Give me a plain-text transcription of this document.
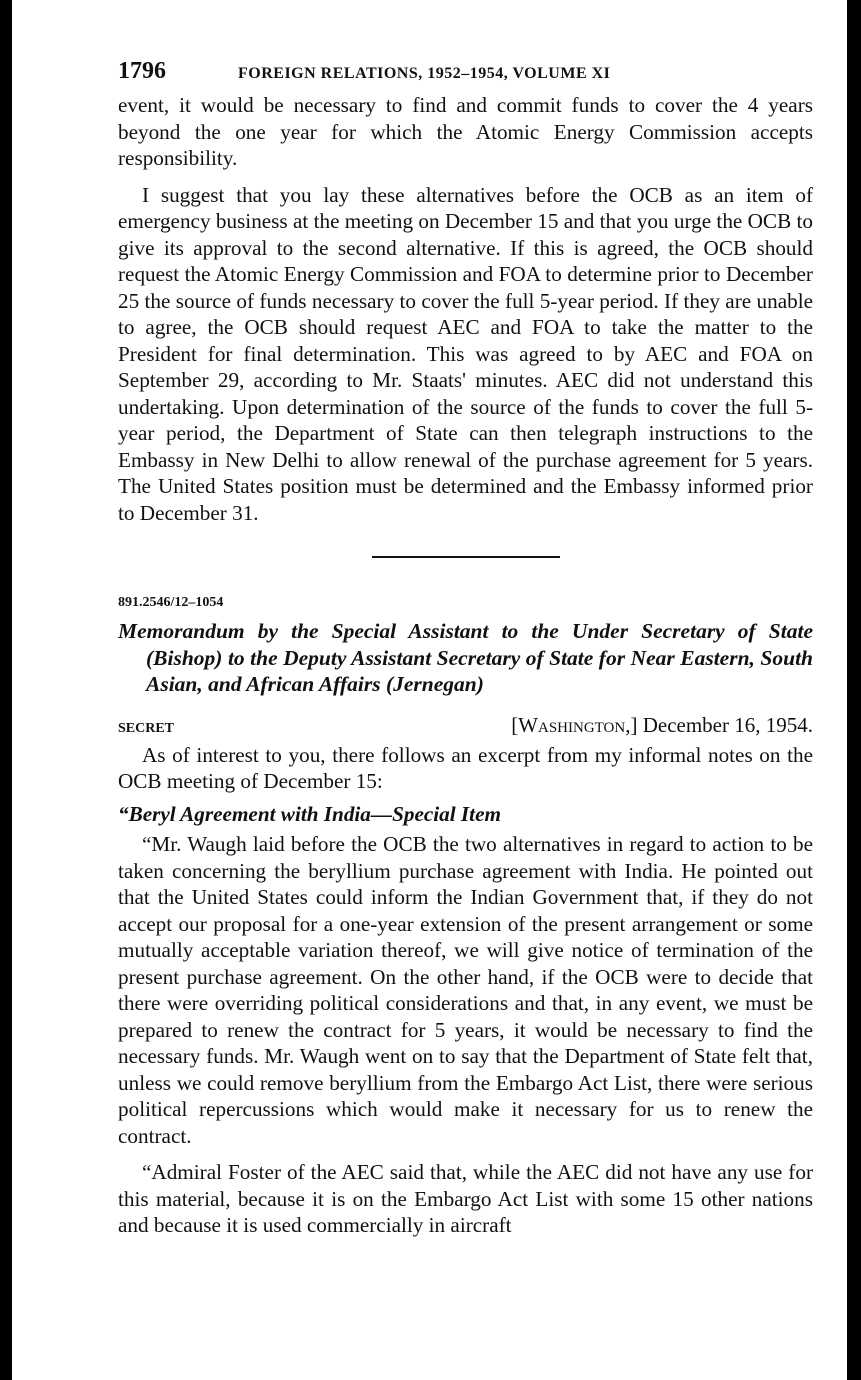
1796	FOREIGN RELATIONS, 1952–1954, VOLUME XI

event, it would be necessary to find and commit funds to cover the 4 years beyond the one year for which the Atomic Energy Commission accepts responsibility.

I suggest that you lay these alternatives before the OCB as an item of emergency business at the meeting on December 15 and that you urge the OCB to give its approval to the second alternative. If this is agreed, the OCB should request the Atomic Energy Commission and FOA to determine prior to December 25 the source of funds necessary to cover the full 5-year period. If they are unable to agree, the OCB should request AEC and FOA to take the matter to the President for final determination. This was agreed to by AEC and FOA on September 29, according to Mr. Staats' minutes. AEC did not understand this undertaking. Upon determination of the source of the funds to cover the full 5-year period, the Department of State can then telegraph instructions to the Embassy in New Delhi to allow renewal of the purchase agreement for 5 years. The United States position must be determined and the Embassy informed prior to December 31.

891.2546/12–1054
Memorandum by the Special Assistant to the Under Secretary of State (Bishop) to the Deputy Assistant Secretary of State for Near Eastern, South Asian, and African Affairs (Jernegan)
SECRET	[Washington,] December 16, 1954.

As of interest to you, there follows an excerpt from my informal notes on the OCB meeting of December 15:

“Beryl Agreement with India—Special Item

“Mr. Waugh laid before the OCB the two alternatives in regard to action to be taken concerning the beryllium purchase agreement with India. He pointed out that the United States could inform the Indian Government that, if they do not accept our proposal for a one-year extension of the present arrangement or some mutually acceptable variation thereof, we will give notice of termination of the present purchase agreement. On the other hand, if the OCB were to decide that there were overriding political considerations and that, in any event, we must be prepared to renew the contract for 5 years, it would be necessary to find the necessary funds. Mr. Waugh went on to say that the Department of State felt that, unless we could remove beryllium from the Embargo Act List, there were serious political repercussions which would make it necessary for us to renew the contract.

“Admiral Foster of the AEC said that, while the AEC did not have any use for this material, because it is on the Embargo Act List with some 15 other nations and because it is used commercially in aircraft
